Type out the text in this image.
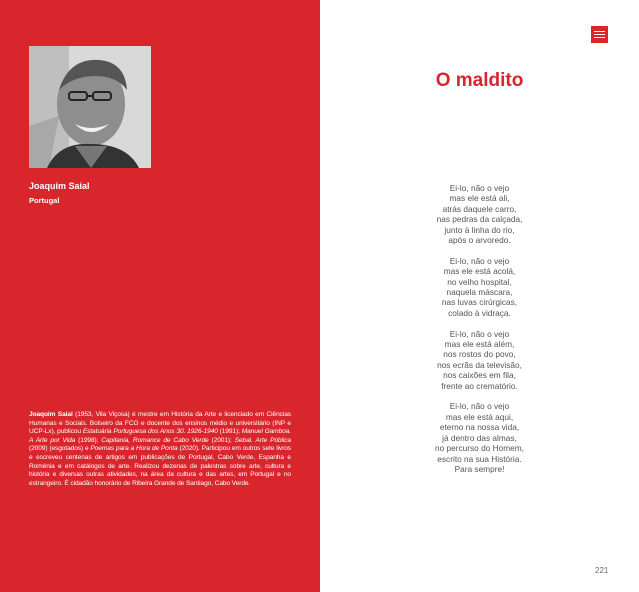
Joaquim Saial
Portugal
Joaquim Saial (1953, Vila Viçosa) é mestre em História da Arte e licenciado em Ciências Humanas e Sociais. Bolseiro da FCG e docente dos ensinos médio e universitário (INP e UCP-Lx), publicou Estatuária Portuguesa dos Anos 30. 1926-1940 (1991); Manuel Gamboa. A Arte por Vida (1998); Capitania, Romance de Cabo Verde (2001); Sebal. Arte Pública (2009) (esgotados) e Poemas para a Hora de Ponta (2020). Participou em outros sete livros e escreveu centenas de artigos em publicações de Portugal, Cabo Verde, Espanha e Roménia e em catálogos de arte. Realizou dezenas de palestras sobre arte, cultura e história e diversas outras atividades, na área da cultura e das artes, em Portugal e no estrangeiro. É cidadão honorário de Ribeira Grande de Santiago, Cabo Verde.
O maldito
Ei-lo, não o vejo
mas ele está ali,
atrás daquele carro,
nas pedras da calçada,
junto à linha do rio,
após o arvoredo.
Ei-lo, não o vejo
mas ele está acolá,
no velho hospital,
naquela máscara,
nas luvas cirúrgicas,
colado à vidraça.
Ei-lo, não o vejo
mas ele está além,
nos rostos do povo,
nos ecrãs da televisão,
nos caixões em fila,
frente ao crematório.
Ei-lo, não o vejo
mas ele está aqui,
eterno na nossa vida,
já dentro das almas,
no percurso do Homem,
escrito na sua História.
Para sempre!
221
